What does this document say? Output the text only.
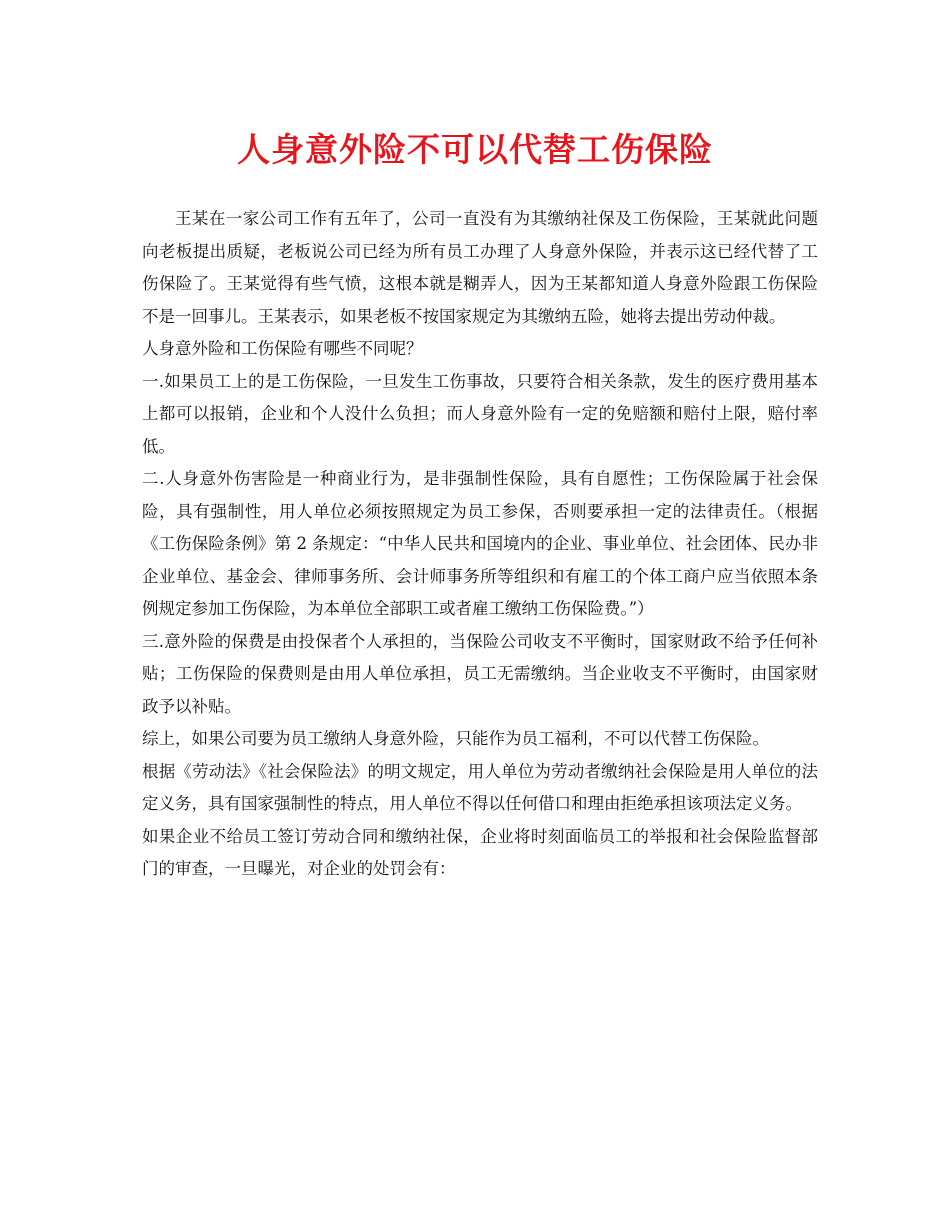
人身意外险不可以代替工伤保险

王某在一家公司工作有五年了，公司一直没有为其缴纳社保及工伤保险，王某就此问题向老板提出质疑，老板说公司已经为所有员工办理了人身意外保险，并表示这已经代替了工伤保险了。王某觉得有些气愤，这根本就是糊弄人，因为王某都知道人身意外险跟工伤保险不是一回事儿。王某表示，如果老板不按国家规定为其缴纳五险，她将去提出劳动仲裁。

人身意外险和工伤保险有哪些不同呢？

一.如果员工上的是工伤保险，一旦发生工伤事故，只要符合相关条款，发生的医疗费用基本上都可以报销，企业和个人没什么负担；而人身意外险有一定的免赔额和赔付上限，赔付率低。

二.人身意外伤害险是一种商业行为，是非强制性保险，具有自愿性；工伤保险属于社会保险，具有强制性，用人单位必须按照规定为员工参保，否则要承担一定的法律责任。（根据《工伤保险条例》第 2 条规定：“中华人民共和国境内的企业、事业单位、社会团体、民办非企业单位、基金会、律师事务所、会计师事务所等组织和有雇工的个体工商户应当依照本条例规定参加工伤保险，为本单位全部职工或者雇工缴纳工伤保险费。”）

三.意外险的保费是由投保者个人承担的，当保险公司收支不平衡时，国家财政不给予任何补贴；工伤保险的保费则是由用人单位承担，员工无需缴纳。当企业收支不平衡时，由国家财政予以补贴。

综上，如果公司要为员工缴纳人身意外险，只能作为员工福利，不可以代替工伤保险。

根据《劳动法》《社会保险法》的明文规定，用人单位为劳动者缴纳社会保险是用人单位的法定义务，具有国家强制性的特点，用人单位不得以任何借口和理由拒绝承担该项法定义务。

如果企业不给员工签订劳动合同和缴纳社保，企业将时刻面临员工的举报和社会保险监督部门的审查，一旦曝光，对企业的处罚会有：
